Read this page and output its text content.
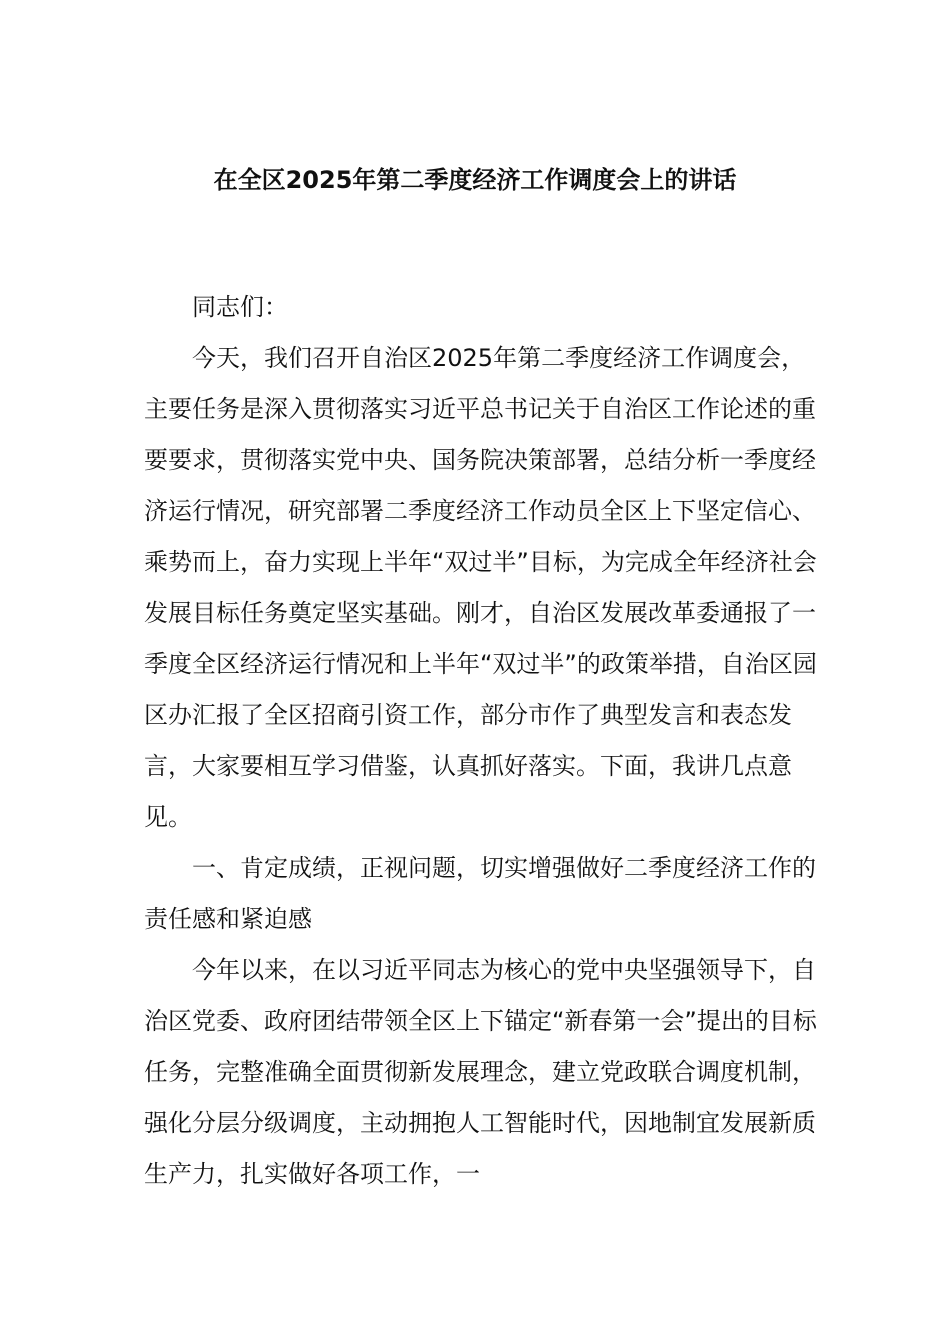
在全区2025年第二季度经济工作调度会上的讲话

同志们：

今天，我们召开自治区2025年第二季度经济工作调度会，主要任务是深入贯彻落实习近平总书记关于自治区工作论述的重要要求，贯彻落实党中央、国务院决策部署，总结分析一季度经济运行情况，研究部署二季度经济工作动员全区上下坚定信心、乘势而上，奋力实现上半年“双过半”目标，为完成全年经济社会发展目标任务奠定坚实基础。刚才，自治区发展改革委通报了一季度全区经济运行情况和上半年“双过半”的政策举措，自治区园区办汇报了全区招商引资工作，部分市作了典型发言和表态发言，大家要相互学习借鉴，认真抓好落实。下面，我讲几点意见。

一、肯定成绩，正视问题，切实增强做好二季度经济工作的责任感和紧迫感

今年以来，在以习近平同志为核心的党中央坚强领导下，自治区党委、政府团结带领全区上下锚定“新春第一会”提出的目标任务，完整准确全面贯彻新发展理念，建立党政联合调度机制，强化分层分级调度，主动拥抱人工智能时代，因地制宜发展新质生产力，扎实做好各项工作，一
